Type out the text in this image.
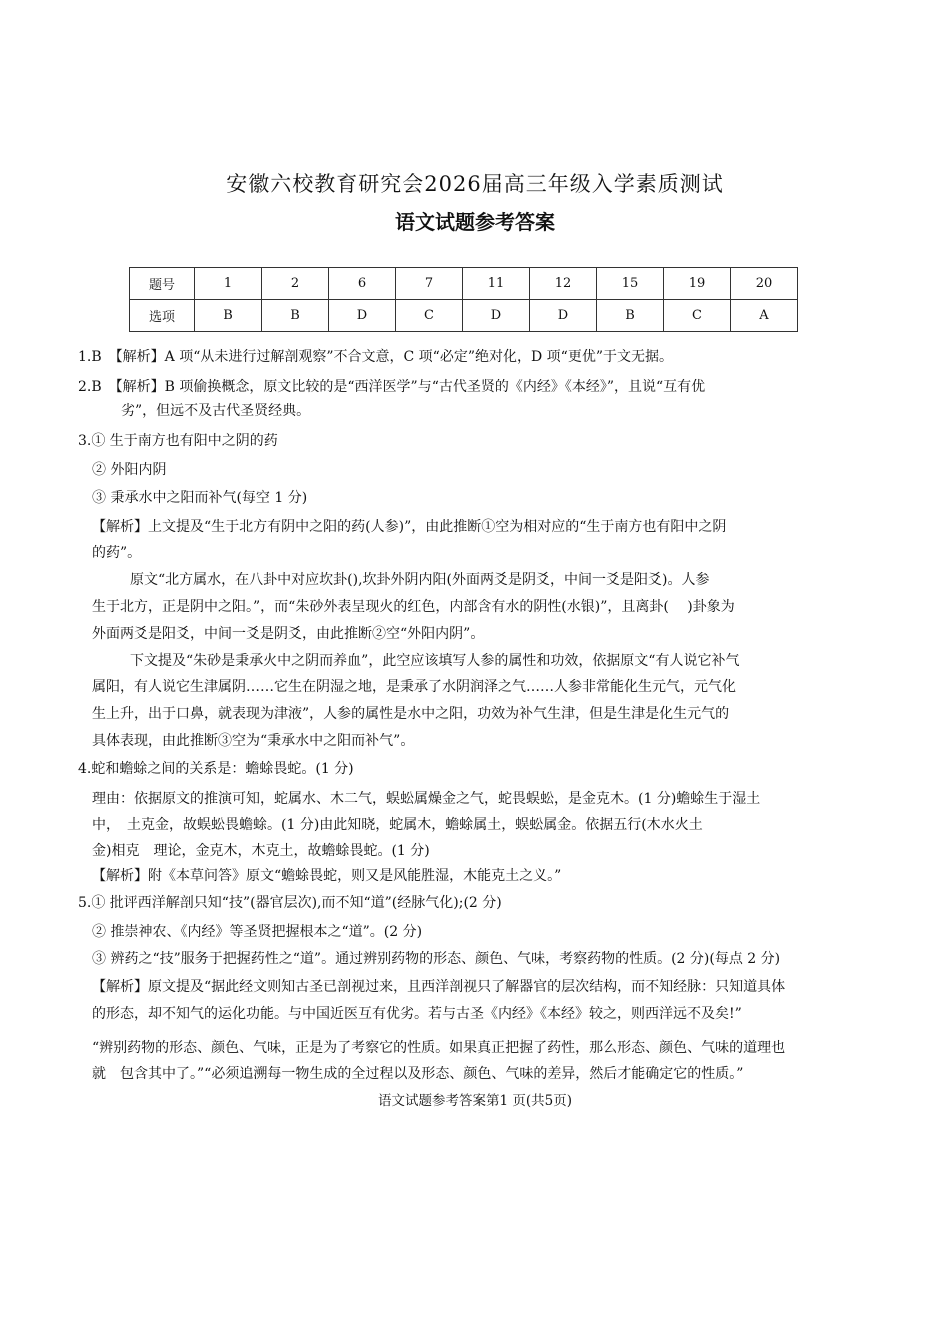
安徽六校教育研究会2026届高三年级入学素质测试
语文试题参考答案
题号	1	2	6	7	11	12	15	19	20
选项	B	B	D	C	D	D	B	C	A
1.B　【解析】A 项“从未进行过解剖观察”不合文意，C 项“必定”绝对化，D 项“更优”于文无据。
2.B　【解析】B 项偷换概念，原文比较的是“西洋医学”与“古代圣贤的《内经》《本经》”，且说“互有优
劣”，但远不及古代圣贤经典。
3.① 生于南方也有阳中之阴的药
② 外阳内阴
③ 秉承水中之阳而补气(每空 1 分)
【解析】上文提及“生于北方有阴中之阳的药(人参)”，由此推断①空为相对应的“生于南方也有阳中之阴
的药”。
原文“北方属水，在八卦中对应坎卦(),坎卦外阴内阳(外面两爻是阴爻，中间一爻是阳爻)。人参
生于北方，正是阴中之阳。”，而“朱砂外表呈现火的红色，内部含有水的阴性(水银)”，且离卦(　 )卦象为
外面两爻是阳爻，中间一爻是阴爻，由此推断②空“外阳内阴”。
下文提及“朱砂是秉承火中之阴而养血”，此空应该填写人参的属性和功效，依据原文“有人说它补气
属阳，有人说它生津属阴……它生在阴湿之地，是秉承了水阴润泽之气……人参非常能化生元气，元气化
生上升，出于口鼻，就表现为津液”，人参的属性是水中之阳，功效为补气生津，但是生津是化生元气的
具体表现，由此推断③空为“秉承水中之阳而补气”。
4.蛇和蟾蜍之间的关系是：蟾蜍畏蛇。(1 分)
理由：依据原文的推演可知，蛇属水、木二气，蜈蚣属燥金之气，蛇畏蜈蚣，是金克木。(1 分)蟾蜍生于湿土
中，　土克金，故蜈蚣畏蟾蜍。(1 分)由此知晓，蛇属木，蟾蜍属土，蜈蚣属金。依据五行(木水火土
金)相克　理论，金克木，木克土，故蟾蜍畏蛇。(1 分)
【解析】附《本草问答》原文“蟾蜍畏蛇，则又是风能胜湿，木能克土之义。”
5.① 批评西洋解剖只知“技”(器官层次),而不知“道”(经脉气化);(2 分)
② 推崇神农、《内经》等圣贤把握根本之“道”。(2 分)
③ 辨药之“技”服务于把握药性之“道”。通过辨别药物的形态、颜色、气味，考察药物的性质。(2 分)(每点 2 分)
【解析】原文提及“据此经文则知古圣已剖视过来，且西洋剖视只了解器官的层次结构，而不知经脉：只知道具体
的形态，却不知气的运化功能。与中国近医互有优劣。若与古圣《内经》《本经》较之，则西洋远不及矣!”
“辨别药物的形态、颜色、气味，正是为了考察它的性质。如果真正把握了药性，那么形态、颜色、气味的道理也
就　包含其中了。”“必须追溯每一物生成的全过程以及形态、颜色、气味的差异，然后才能确定它的性质。”
语文试题参考答案第1 页(共5页)
